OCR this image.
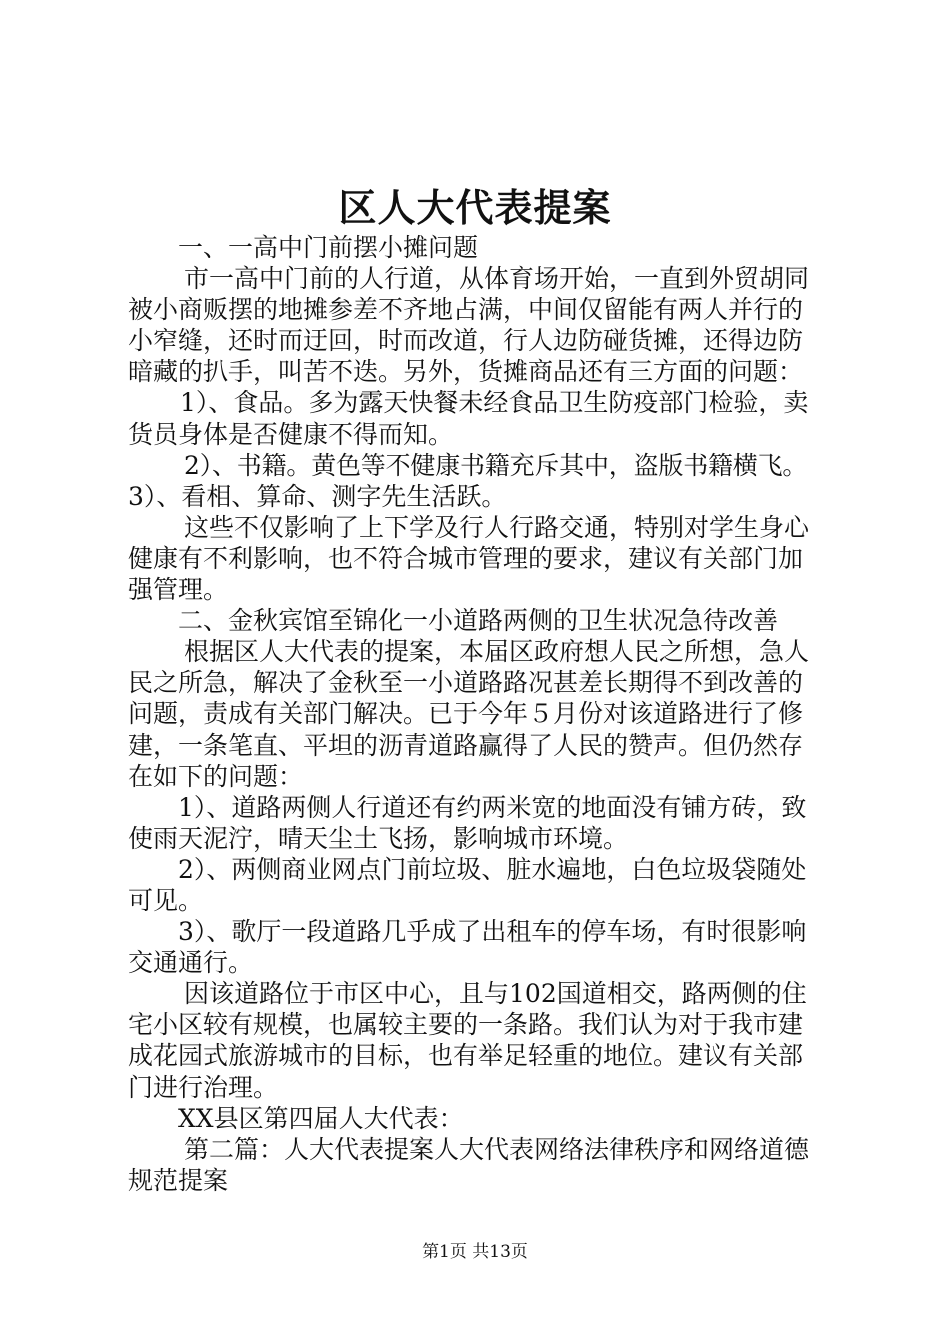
区人大代表提案

一、一高中门前摆小摊问题

市一高中门前的人行道，从体育场开始，一直到外贸胡同

被小商贩摆的地摊参差不齐地占满，中间仅留能有两人并行的

小窄缝，还时而迂回，时而改道，行人边防碰货摊，还得边防

暗藏的扒手，叫苦不迭。另外，货摊商品还有三方面的问题：

1）、食品。多为露天快餐未经食品卫生防疫部门检验，卖

货员身体是否健康不得而知。

2）、书籍。黄色等不健康书籍充斥其中，盗版书籍横飞。

3）、看相、算命、测字先生活跃。

这些不仅影响了上下学及行人行路交通，特别对学生身心

健康有不利影响，也不符合城市管理的要求，建议有关部门加

强管理。

二、金秋宾馆至锦化一小道路两侧的卫生状况急待改善

根据区人大代表的提案，本届区政府想人民之所想，急人

民之所急，解决了金秋至一小道路路况甚差长期得不到改善的

问题，责成有关部门解决。已于今年５月份对该道路进行了修

建，一条笔直、平坦的沥青道路赢得了人民的赞声。但仍然存

在如下的问题：

1）、道路两侧人行道还有约两米宽的地面没有铺方砖，致

使雨天泥泞，晴天尘土飞扬，影响城市环境。

2）、两侧商业网点门前垃圾、脏水遍地，白色垃圾袋随处

可见。

3）、歌厅一段道路几乎成了出租车的停车场，有时很影响

交通通行。

因该道路位于市区中心，且与102国道相交，路两侧的住

宅小区较有规模，也属较主要的一条路。我们认为对于我市建

成花园式旅游城市的目标，也有举足轻重的地位。建议有关部

门进行治理。

XX县区第四届人大代表：

第二篇：人大代表提案人大代表网络法律秩序和网络道德

规范提案

第1页 共13页
